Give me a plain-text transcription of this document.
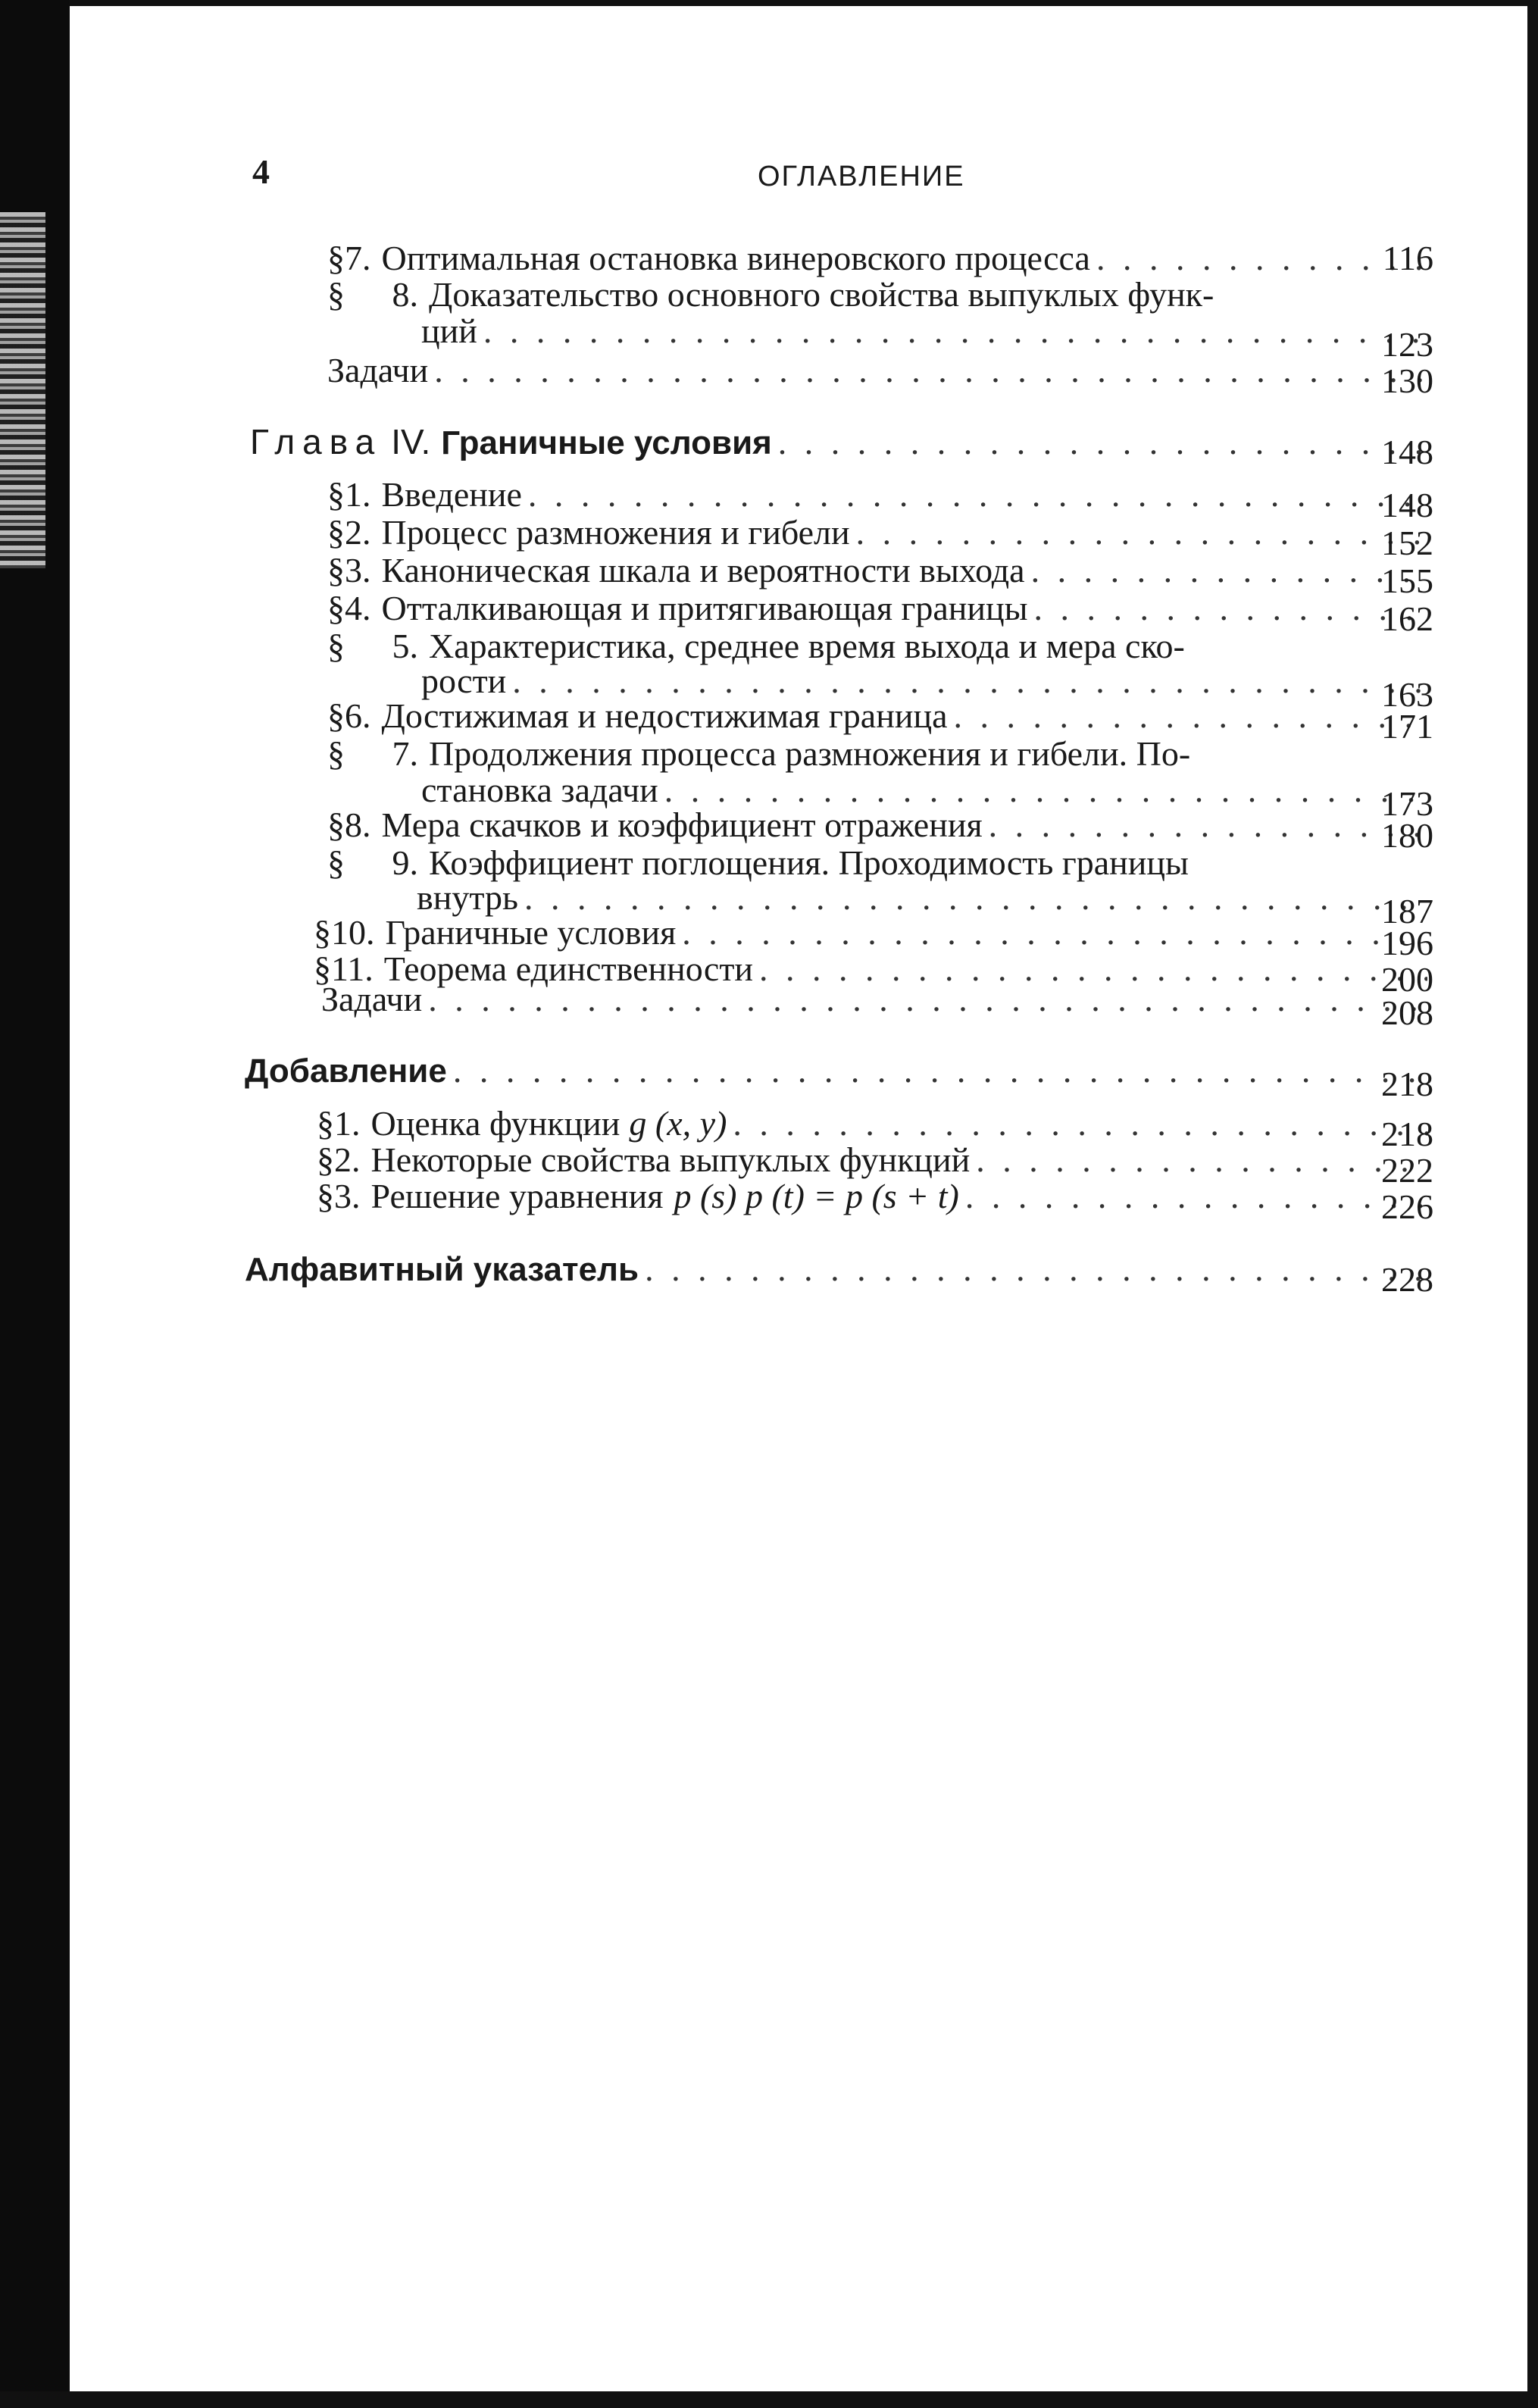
4	ОГЛАВЛЕНИЕ
§ 7. Оптимальная остановка винеровского процесса . . .	116
§	8. Доказательство основного свойства выпуклых функ-
ций . . .	123
Задачи . . .	130
Глава IV. Граничные условия . . .	148
§ 1. Введение . . .	148
§ 2. Процесс размножения и гибели . . .	152
§ 3. Каноническая шкала и вероятности выхода . . .	155
§ 4. Отталкивающая и притягивающая границы . . .	162
§	5. Характеристика, среднее время выхода и мера ско-
рости . . .	163
§ 6. Достижимая и недостижимая граница . . .	171
§	7. Продолжения процесса размножения и гибели. По-
становка задачи . . .	173
§ 8. Мера скачков и коэффициент отражения . . .	180
§	9. Коэффициент поглощения. Проходимость границы
внутрь . . .	187
§ 10. Граничные условия . . .	196
§ 11. Теорема единственности . . .	200
Задачи . . .	208
Добавление . . .	218
§ 1. Оценка функции g (x, y) . . .	218
§ 2. Некоторые свойства выпуклых функций . . .	222
§ 3. Решение уравнения p (s) p (t) = p (s + t) . . .	226
Алфавитный указатель . . .	228
